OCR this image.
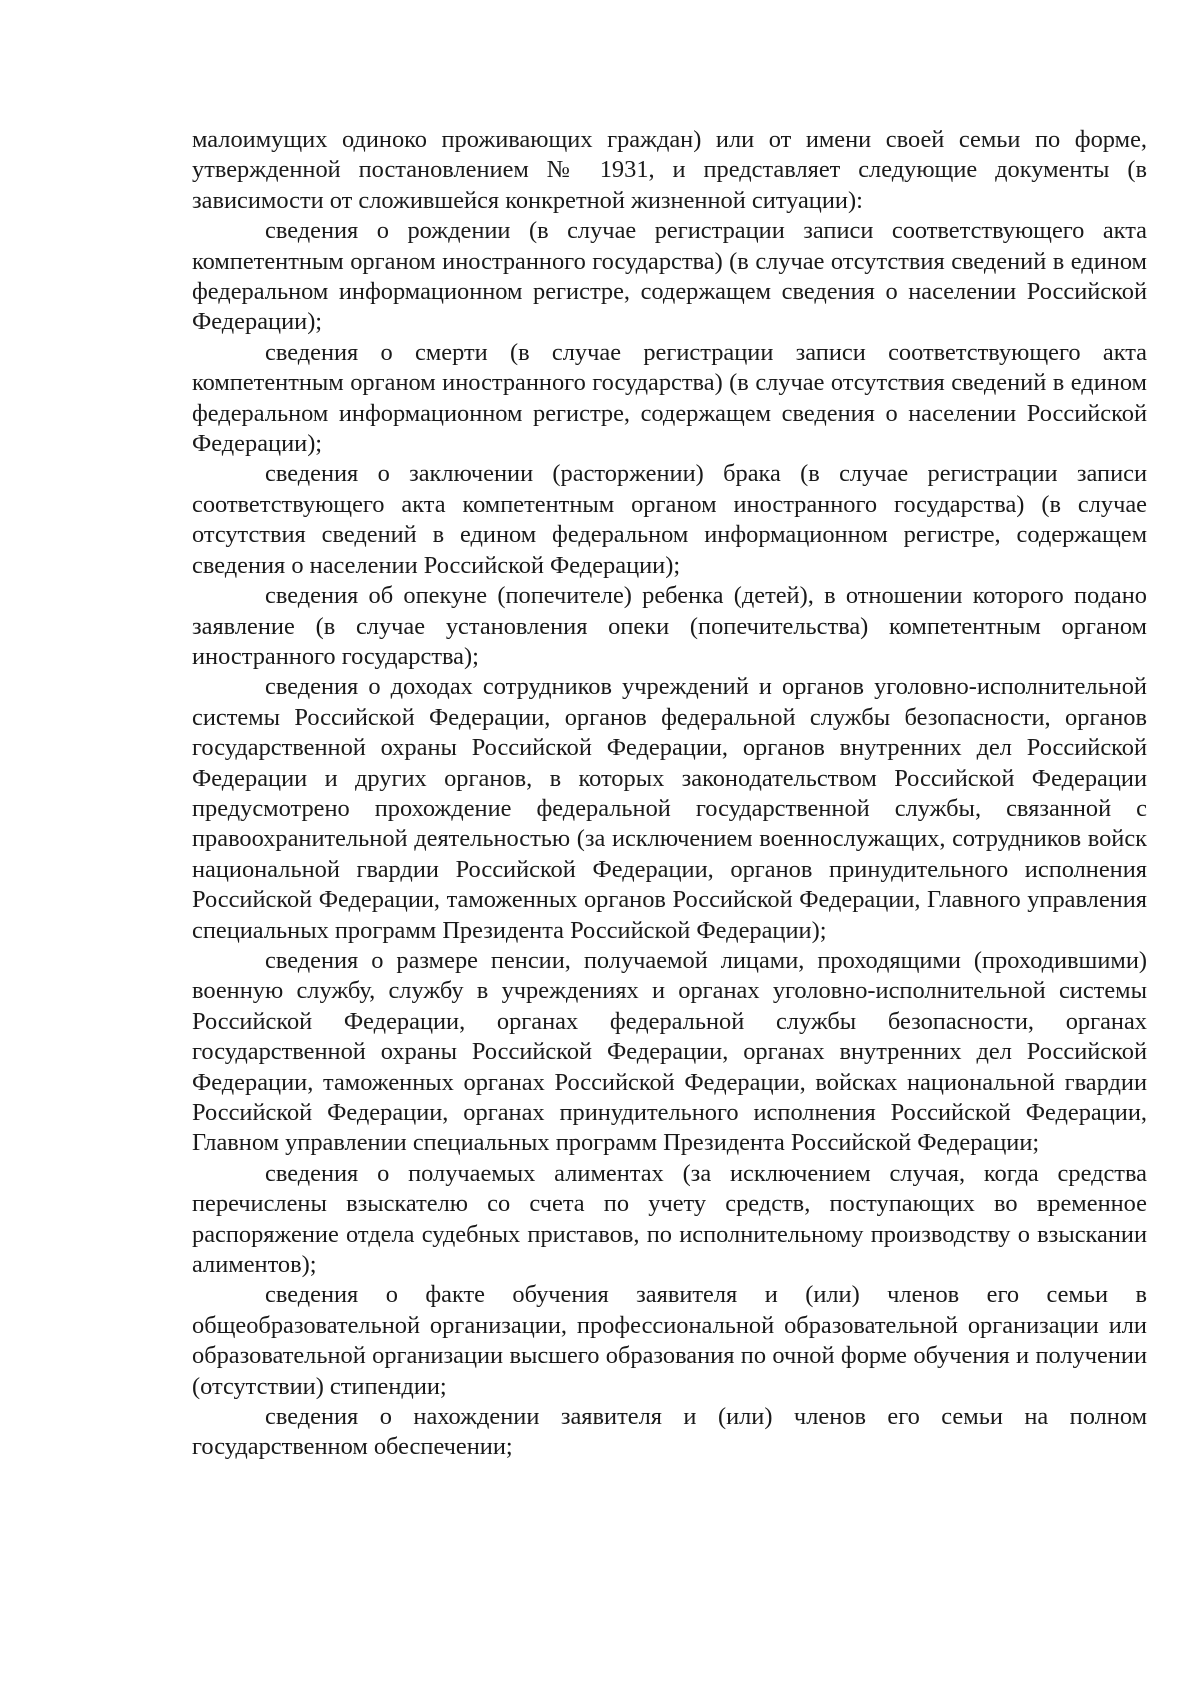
малоимущих одиноко проживающих граждан) или от имени своей семьи по форме, утвержденной постановлением № 1931, и представляет следующие документы (в зависимости от сложившейся конкретной жизненной ситуации):

сведения о рождении (в случае регистрации записи соответствующего акта компетентным органом иностранного государства) (в случае отсутствия сведений в едином федеральном информационном регистре, содержащем сведения о населении Российской Федерации);

сведения о смерти (в случае регистрации записи соответствующего акта компетентным органом иностранного государства) (в случае отсутствия сведений в едином федеральном информационном регистре, содержащем сведения о населении Российской Федерации);

сведения о заключении (расторжении) брака (в случае регистрации записи соответствующего акта компетентным органом иностранного государства) (в случае отсутствия сведений в едином федеральном информационном регистре, содержащем сведения о населении Российской Федерации);

сведения об опекуне (попечителе) ребенка (детей), в отношении которого подано заявление (в случае установления опеки (попечительства) компетентным органом иностранного государства);

сведения о доходах сотрудников учреждений и органов уголовно-исполнительной системы Российской Федерации, органов федеральной службы безопасности, органов государственной охраны Российской Федерации, органов внутренних дел Российской Федерации и других органов, в которых законодательством Российской Федерации предусмотрено прохождение федеральной государственной службы, связанной с правоохранительной деятельностью (за исключением военнослужащих, сотрудников войск национальной гвардии Российской Федерации, органов принудительного исполнения Российской Федерации, таможенных органов Российской Федерации, Главного управления специальных программ Президента Российской Федерации);

сведения о размере пенсии, получаемой лицами, проходящими (проходившими) военную службу, службу в учреждениях и органах уголовно-исполнительной системы Российской Федерации, органах федеральной службы безопасности, органах государственной охраны Российской Федерации, органах внутренних дел Российской Федерации, таможенных органах Российской Федерации, войсках национальной гвардии Российской Федерации, органах принудительного исполнения Российской Федерации, Главном управлении специальных программ Президента Российской Федерации;

сведения о получаемых алиментах (за исключением случая, когда средства перечислены взыскателю со счета по учету средств, поступающих во временное распоряжение отдела судебных приставов, по исполнительному производству о взыскании алиментов);

сведения о факте обучения заявителя и (или) членов его семьи в общеобразовательной организации, профессиональной образовательной организации или образовательной организации высшего образования по очной форме обучения и получении (отсутствии) стипендии;

сведения о нахождении заявителя и (или) членов его семьи на полном государственном обеспечении;
